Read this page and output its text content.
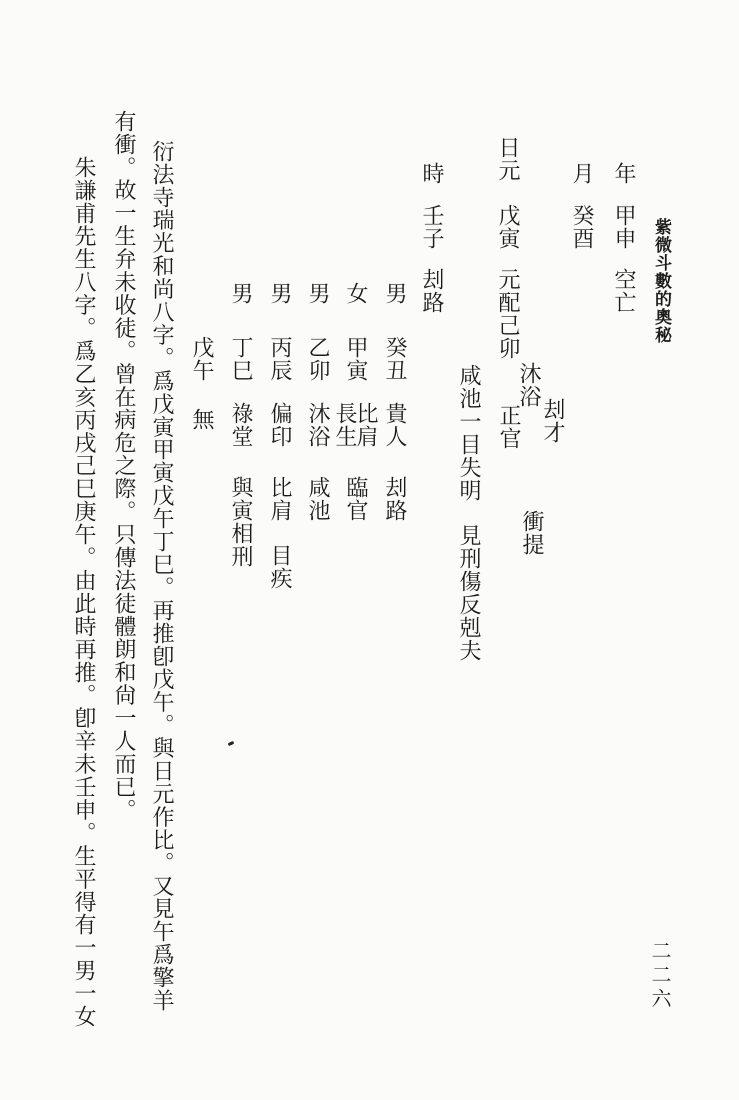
紫微斗數的奧秘
二二六
年
甲申
空亡
月
癸酉
刦才
衝提
沐浴
正官
日元
戊寅
元配己卯
咸池一目失明
見刑傷反剋夫
時
壬子
刦路
男
癸丑
貴人
刦路
女
甲寅
比肩
長生
臨官
男
乙卯
沐浴
咸池
男
丙辰
偏印
比肩
目疾
男
丁巳
祿堂
與寅相刑
戊午
無
衍法寺瑞光和尚八字。爲戊寅甲寅戊午丁巳。再推卽戊午。與日元作比。又見午爲擎羊
有衝。故一生弁未收徒。曾在病危之際。只傳法徒體朗和尙一人而已。
朱謙甫先生八字。爲乙亥丙戌己巳庚午。由此時再推。卽辛未壬申。生平得有一男一女
